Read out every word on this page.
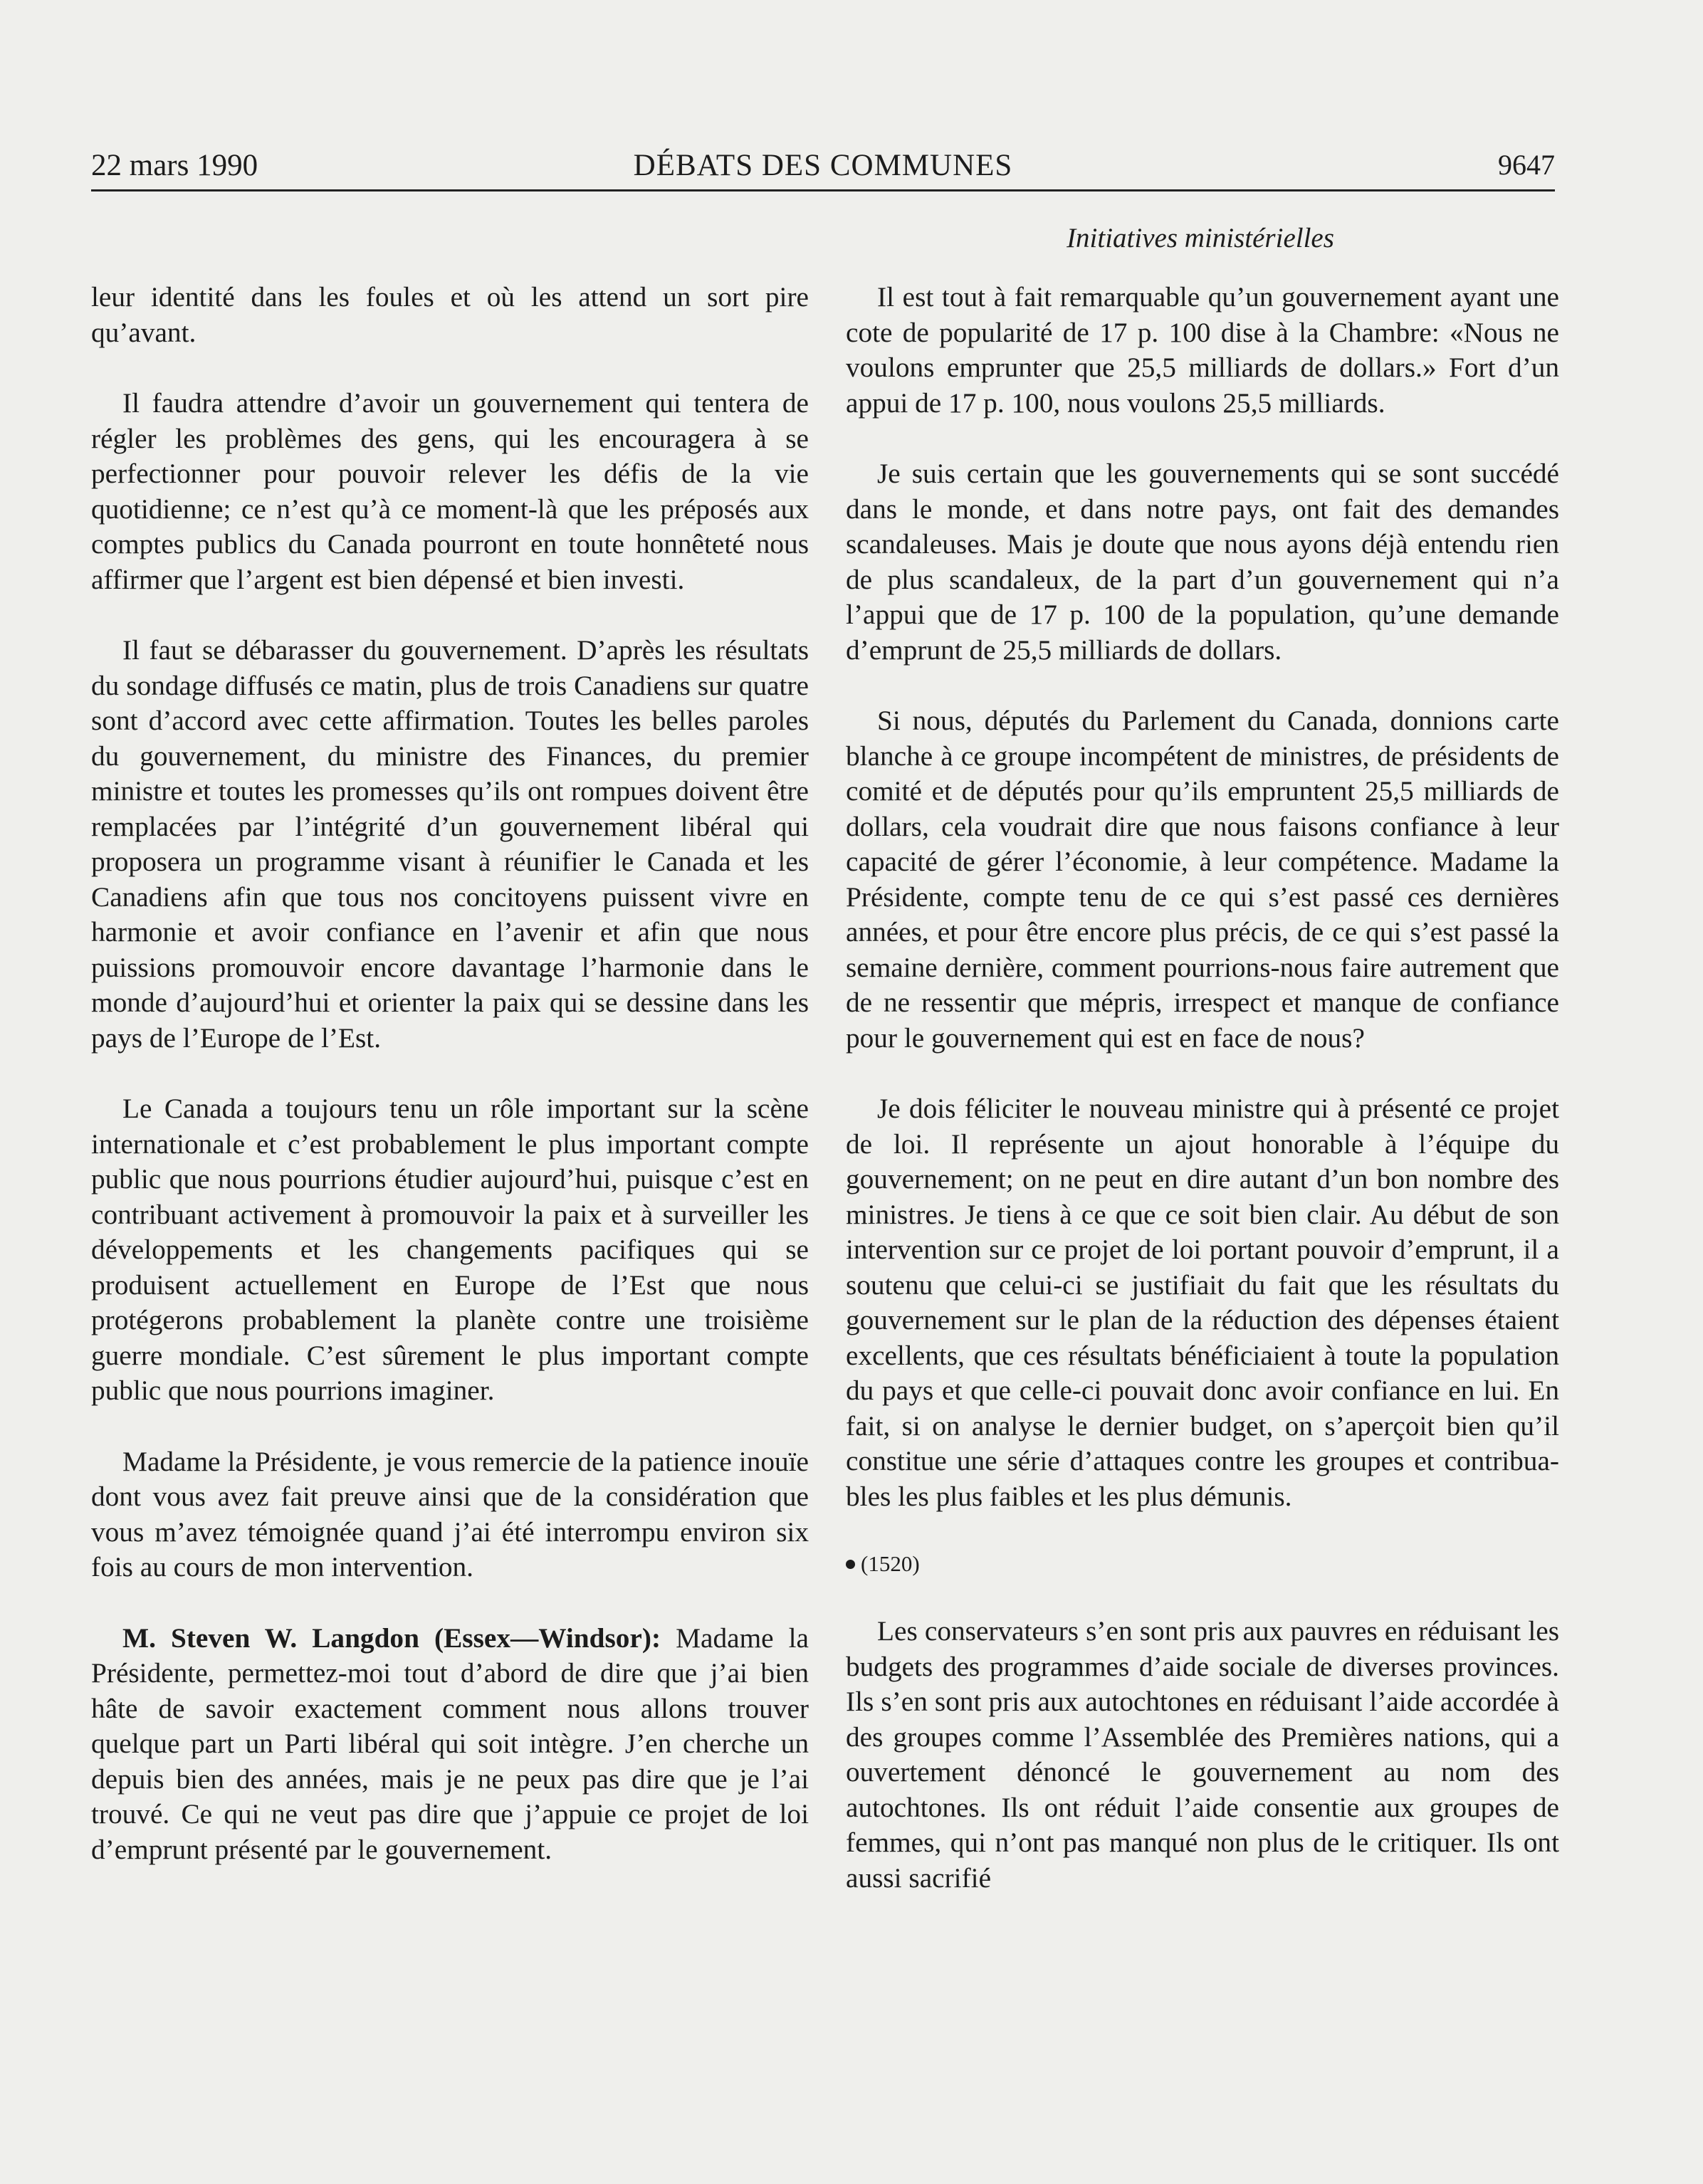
22 mars 1990	DÉBATS DES COMMUNES	9647
Initiatives ministérielles

leur identité dans les foules et où les attend un sort pire qu’avant.

Il faudra attendre d’avoir un gouvernement qui tentera de régler les problèmes des gens, qui les encouragera à se perfectionner pour pouvoir relever les défis de la vie quotidienne; ce n’est qu’à ce moment-là que les préposés aux comptes publics du Canada pourront en toute honnêteté nous affirmer que l’argent est bien dépensé et bien investi.

Il faut se débarasser du gouvernement. D’après les résultats du sondage diffusés ce matin, plus de trois Canadiens sur quatre sont d’accord avec cette affirmation. Toutes les belles paroles du gouvernement, du ministre des Finances, du premier ministre et toutes les promesses qu’ils ont rompues doivent être remplacées par l’intégrité d’un gouvernement libéral qui proposera un programme visant à réunifier le Canada et les Canadiens afin que tous nos concitoyens puissent vivre en harmonie et avoir confiance en l’avenir et afin que nous puissions promouvoir encore davantage l’harmonie dans le monde d’aujourd’hui et orienter la paix qui se dessine dans les pays de l’Europe de l’Est.

Le Canada a toujours tenu un rôle important sur la scène internationale et c’est probablement le plus important compte public que nous pourrions étudier aujourd’hui, puisque c’est en contribuant activement à promouvoir la paix et à surveiller les développements et les changements pacifiques qui se produisent actuellement en Europe de l’Est que nous protégerons probablement la planète contre une troisième guerre mondiale. C’est sûrement le plus important compte public que nous pourrions imaginer.

Madame la Présidente, je vous remercie de la patience inouïe dont vous avez fait preuve ainsi que de la considération que vous m’avez témoignée quand j’ai été interrompu environ six fois au cours de mon intervention.

M. Steven W. Langdon (Essex—Windsor): Madame la Présidente, permettez-moi tout d’abord de dire que j’ai bien hâte de savoir exactement comment nous allons trouver quelque part un Parti libéral qui soit intègre. J’en cherche un depuis bien des années, mais je ne peux pas dire que je l’ai trouvé. Ce qui ne veut pas dire que j’appuie ce projet de loi d’emprunt présenté par le gouvernement.

Il est tout à fait remarquable qu’un gouvernement ayant une cote de popularité de 17 p. 100 dise à la Chambre: «Nous ne voulons emprunter que 25,5 milliards de dollars.» Fort d’un appui de 17 p. 100, nous voulons 25,5 milliards.

Je suis certain que les gouvernements qui se sont succédé dans le monde, et dans notre pays, ont fait des demandes scandaleuses. Mais je doute que nous ayons déjà entendu rien de plus scandaleux, de la part d’un gouvernement qui n’a l’appui que de 17 p. 100 de la population, qu’une demande d’emprunt de 25,5 milliards de dollars.

Si nous, députés du Parlement du Canada, donnions carte blanche à ce groupe incompétent de ministres, de présidents de comité et de députés pour qu’ils empruntent 25,5 milliards de dollars, cela voudrait dire que nous faisons confiance à leur capacité de gérer l’économie, à leur compétence. Madame la Présidente, compte tenu de ce qui s’est passé ces dernières années, et pour être encore plus précis, de ce qui s’est passé la semaine dernière, comment pourrions-nous faire autrement que de ne ressentir que mépris, irrespect et manque de confiance pour le gouvernement qui est en face de nous?

Je dois féliciter le nouveau ministre qui à présenté ce projet de loi. Il représente un ajout honorable à l’équipe du gouvernement; on ne peut en dire autant d’un bon nombre des ministres. Je tiens à ce que ce soit bien clair. Au début de son intervention sur ce projet de loi portant pouvoir d’emprunt, il a soutenu que celui-ci se justifiait du fait que les résultats du gouvernement sur le plan de la réduction des dépenses étaient excellents, que ces résultats bénéficiaient à toute la population du pays et que celle-ci pouvait donc avoir confiance en lui. En fait, si on analyse le dernier budget, on s’aperçoit bien qu’il constitue une série d’attaques contre les groupes et contribuables les plus faibles et les plus démunis.

(1520)

Les conservateurs s’en sont pris aux pauvres en réduisant les budgets des programmes d’aide sociale de diverses provinces. Ils s’en sont pris aux autochtones en réduisant l’aide accordée à des groupes comme l’Assemblée des Premières nations, qui a ouvertement dénoncé le gouvernement au nom des autochtones. Ils ont réduit l’aide consentie aux groupes de femmes, qui n’ont pas manqué non plus de le critiquer. Ils ont aussi sacrifié
